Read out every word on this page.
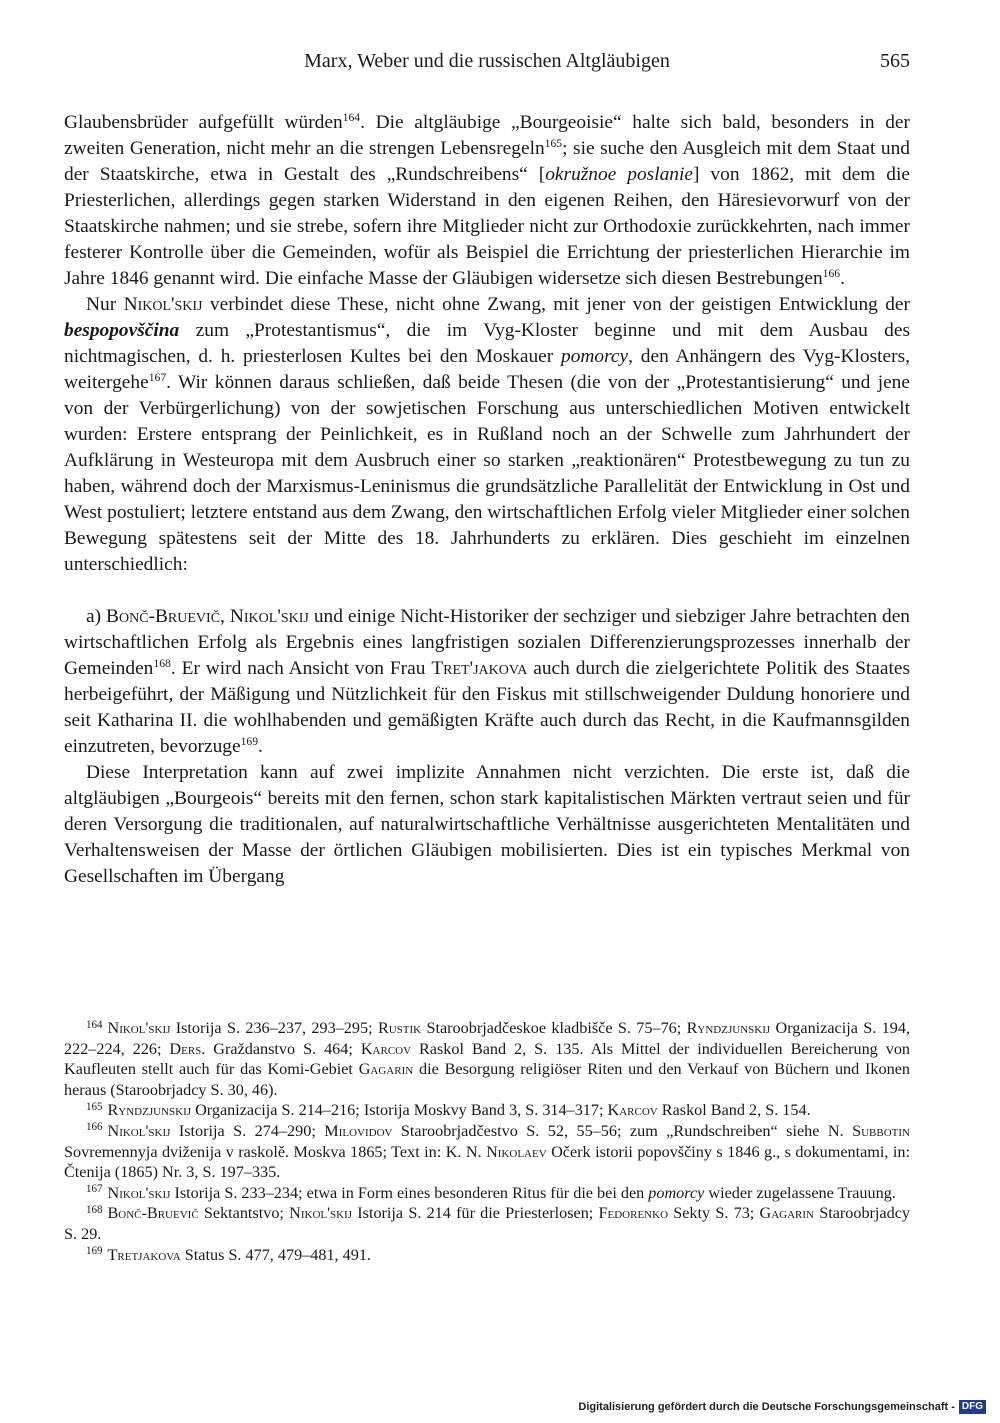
Marx, Weber und die russischen Altgläubigen	565

Glaubensbrüder aufgefüllt würden$^{164}$. Die altgläubige „Bourgeoisie“ halte sich bald, besonders in der zweiten Generation, nicht mehr an die strengen Lebensregeln$^{165}$; sie suche den Ausgleich mit dem Staat und der Staatskirche, etwa in Gestalt des „Rundschreibens“ [okružnoe poslanie] von 1862, mit dem die Priesterlichen, allerdings gegen starken Widerstand in den eigenen Reihen, den Häresievorwurf von der Staatskirche nahmen; und sie strebe, sofern ihre Mitglieder nicht zur Orthodoxie zurückkehrten, nach immer festerer Kontrolle über die Gemeinden, wofür als Beispiel die Errichtung der priesterlichen Hierarchie im Jahre 1846 genannt wird. Die einfache Masse der Gläubigen widersetze sich diesen Bestrebungen$^{166}$.

Nur Nikol'skij verbindet diese These, nicht ohne Zwang, mit jener von der geistigen Entwicklung der bespopovščina zum „Protestantismus“, die im Vyg-Kloster beginne und mit dem Ausbau des nichtmagischen, d. h. priesterlosen Kultes bei den Moskauer pomorcy, den Anhängern des Vyg-Klosters, weitergehe$^{167}$. Wir können daraus schließen, daß beide Thesen (die von der „Protestantisierung“ und jene von der Verbürgerlichung) von der sowjetischen Forschung aus unterschiedlichen Motiven entwickelt wurden: Erstere entsprang der Peinlichkeit, es in Rußland noch an der Schwelle zum Jahrhundert der Aufklärung in Westeuropa mit dem Ausbruch einer so starken „reaktionären“ Protestbewegung zu tun zu haben, während doch der Marxismus-Leninismus die grundsätzliche Parallelität der Entwicklung in Ost und West postuliert; letztere entstand aus dem Zwang, den wirtschaftlichen Erfolg vieler Mitglieder einer solchen Bewegung spätestens seit der Mitte des 18. Jahrhunderts zu erklären. Dies geschieht im einzelnen unterschiedlich:

a) Bonč-Bruevič, Nikol'skij und einige Nicht-Historiker der sechziger und siebziger Jahre betrachten den wirtschaftlichen Erfolg als Ergebnis eines langfristigen sozialen Differenzierungsprozesses innerhalb der Gemeinden$^{168}$. Er wird nach Ansicht von Frau Tret'jakova auch durch die zielgerichtete Politik des Staates herbeigeführt, der Mäßigung und Nützlichkeit für den Fiskus mit stillschweigender Duldung honoriere und seit Katharina II. die wohlhabenden und gemäßigten Kräfte auch durch das Recht, in die Kaufmannsgilden einzutreten, bevorzuge$^{169}$.

Diese Interpretation kann auf zwei implizite Annahmen nicht verzichten. Die erste ist, daß die altgläubigen „Bourgeois“ bereits mit den fernen, schon stark kapitalistischen Märkten vertraut seien und für deren Versorgung die traditionalen, auf naturalwirtschaftliche Verhältnisse ausgerichteten Mentalitäten und Verhaltensweisen der Masse der örtlichen Gläubigen mobilisierten. Dies ist ein typisches Merkmal von Gesellschaften im Übergang

$^{164}$ Nikol'skij Istorija S. 236–237, 293–295; Rustik Staroobrjadčeskoe kladbišče S. 75–76; Ryndzjunskij Organizacija S. 194, 222–224, 226; Ders. Graždanstvo S. 464; Karcov Raskol Band 2, S. 135. Als Mittel der individuellen Bereicherung von Kaufleuten stellt auch für das Komi-Gebiet Gagarin die Besorgung religiöser Riten und den Verkauf von Büchern und Ikonen heraus (Staroobrjadcy S. 30, 46).

$^{165}$ Ryndzjunskij Organizacija S. 214–216; Istorija Moskvy Band 3, S. 314–317; Karcov Raskol Band 2, S. 154.

$^{166}$ Nikol'skij Istorija S. 274–290; Milovidov Staroobrjadčestvo S. 52, 55–56; zum „Rundschreiben“ siehe N. Subbotin Sovremennyja dviženija v raskolě. Moskva 1865; Text in: K. N. Nikolaev Očerk istorii popovščiny s 1846 g., s dokumentami, in: Čtenija (1865) Nr. 3, S. 197–335.

$^{167}$ Nikol'skij Istorija S. 233–234; etwa in Form eines besonderen Ritus für die bei den pomorcy wieder zugelassene Trauung.

$^{168}$ Bonč-Bruevič Sektantstvo; Nikol'skij Istorija S. 214 für die Priesterlosen; Fedorenko Sekty S. 73; Gagarin Staroobrjadcy S. 29.

$^{169}$ Tretjakova Status S. 477, 479–481, 491.

Digitalisierung gefördert durch die Deutsche Forschungsgemeinschaft - DFG
